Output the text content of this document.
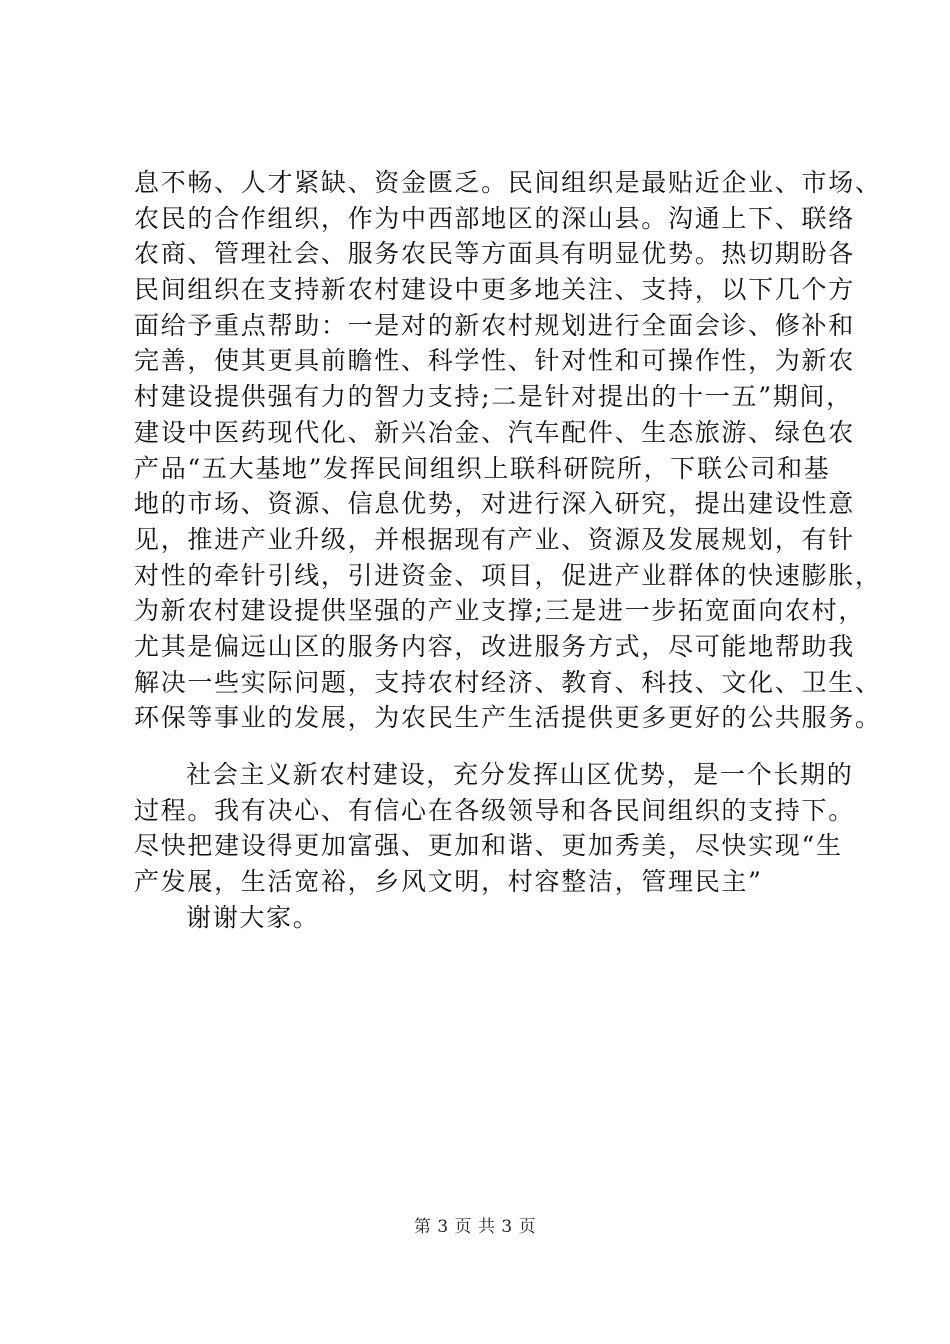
息不畅、人才紧缺、资金匮乏。民间组织是最贴近企业、市场、
农民的合作组织，作为中西部地区的深山县。沟通上下、联络
农商、管理社会、服务农民等方面具有明显优势。热切期盼各
民间组织在支持新农村建设中更多地关注、支持，以下几个方
面给予重点帮助：一是对的新农村规划进行全面会诊、修补和
完善，使其更具前瞻性、科学性、针对性和可操作性，为新农
村建设提供强有力的智力支持;二是针对提出的十一五”期间，
建设中医药现代化、新兴冶金、汽车配件、生态旅游、绿色农
产品“五大基地”发挥民间组织上联科研院所，下联公司和基
地的市场、资源、信息优势，对进行深入研究，提出建设性意
见，推进产业升级，并根据现有产业、资源及发展规划，有针
对性的牵针引线，引进资金、项目，促进产业群体的快速膨胀，
为新农村建设提供坚强的产业支撑;三是进一步拓宽面向农村，
尤其是偏远山区的服务内容，改进服务方式，尽可能地帮助我
解决一些实际问题，支持农村经济、教育、科技、文化、卫生、
环保等事业的发展，为农民生产生活提供更多更好的公共服务。
社会主义新农村建设，充分发挥山区优势，是一个长期的
过程。我有决心、有信心在各级领导和各民间组织的支持下。
尽快把建设得更加富强、更加和谐、更加秀美，尽快实现“生
产发展，生活宽裕，乡风文明，村容整洁，管理民主”
谢谢大家。
第 3 页 共 3 页
